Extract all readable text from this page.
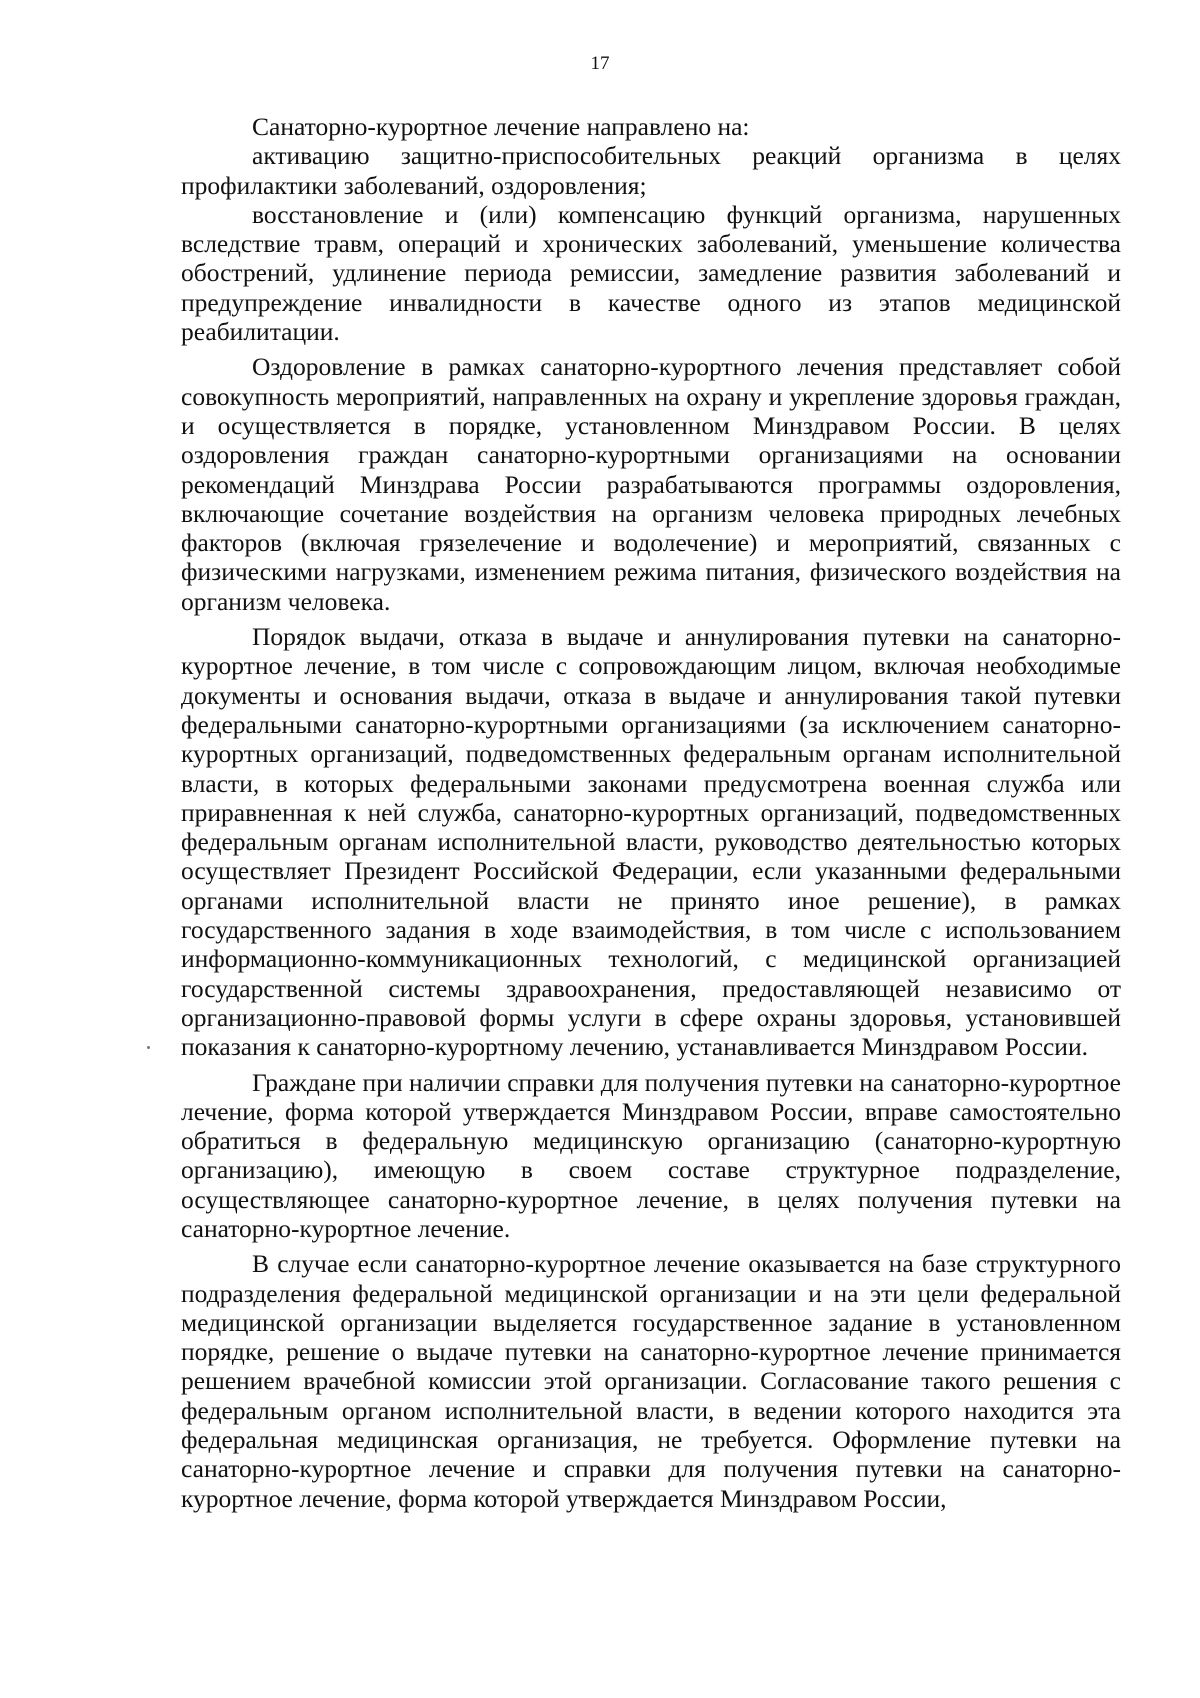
17

Санаторно-курортное лечение направлено на:

активацию защитно-приспособительных реакций организма в целях профилактики заболеваний, оздоровления;

восстановление и (или) компенсацию функций организма, нарушенных вследствие травм, операций и хронических заболеваний, уменьшение количества обострений, удлинение периода ремиссии, замедление развития заболеваний и предупреждение инвалидности в качестве одного из этапов медицинской реабилитации.

Оздоровление в рамках санаторно-курортного лечения представляет собой совокупность мероприятий, направленных на охрану и укрепление здоровья граждан, и осуществляется в порядке, установленном Минздравом России. В целях оздоровления граждан санаторно-курортными организациями на основании рекомендаций Минздрава России разрабатываются программы оздоровления, включающие сочетание воздействия на организм человека природных лечебных факторов (включая грязелечение и водолечение) и мероприятий, связанных с физическими нагрузками, изменением режима питания, физического воздействия на организм человека.

Порядок выдачи, отказа в выдаче и аннулирования путевки на санаторно-курортное лечение, в том числе с сопровождающим лицом, включая необходимые документы и основания выдачи, отказа в выдаче и аннулирования такой путевки федеральными санаторно-курортными организациями (за исключением санаторно-курортных организаций, подведомственных федеральным органам исполнительной власти, в которых федеральными законами предусмотрена военная служба или приравненная к ней служба, санаторно-курортных организаций, подведомственных федеральным органам исполнительной власти, руководство деятельностью которых осуществляет Президент Российской Федерации, если указанными федеральными органами исполнительной власти не принято иное решение), в рамках государственного задания в ходе взаимодействия, в том числе с использованием информационно-коммуникационных технологий, с медицинской организацией государственной системы здравоохранения, предоставляющей независимо от организационно-правовой формы услуги в сфере охраны здоровья, установившей показания к санаторно-курортному лечению, устанавливается Минздравом России.

Граждане при наличии справки для получения путевки на санаторно-курортное лечение, форма которой утверждается Минздравом России, вправе самостоятельно обратиться в федеральную медицинскую организацию (санаторно-курортную организацию), имеющую в своем составе структурное подразделение, осуществляющее санаторно-курортное лечение, в целях получения путевки на санаторно-курортное лечение.

В случае если санаторно-курортное лечение оказывается на базе структурного подразделения федеральной медицинской организации и на эти цели федеральной медицинской организации выделяется государственное задание в установленном порядке, решение о выдаче путевки на санаторно-курортное лечение принимается решением врачебной комиссии этой организации. Согласование такого решения с федеральным органом исполнительной власти, в ведении которого находится эта федеральная медицинская организация, не требуется. Оформление путевки на санаторно-курортное лечение и справки для получения путевки на санаторно-курортное лечение, форма которой утверждается Минздравом России,
